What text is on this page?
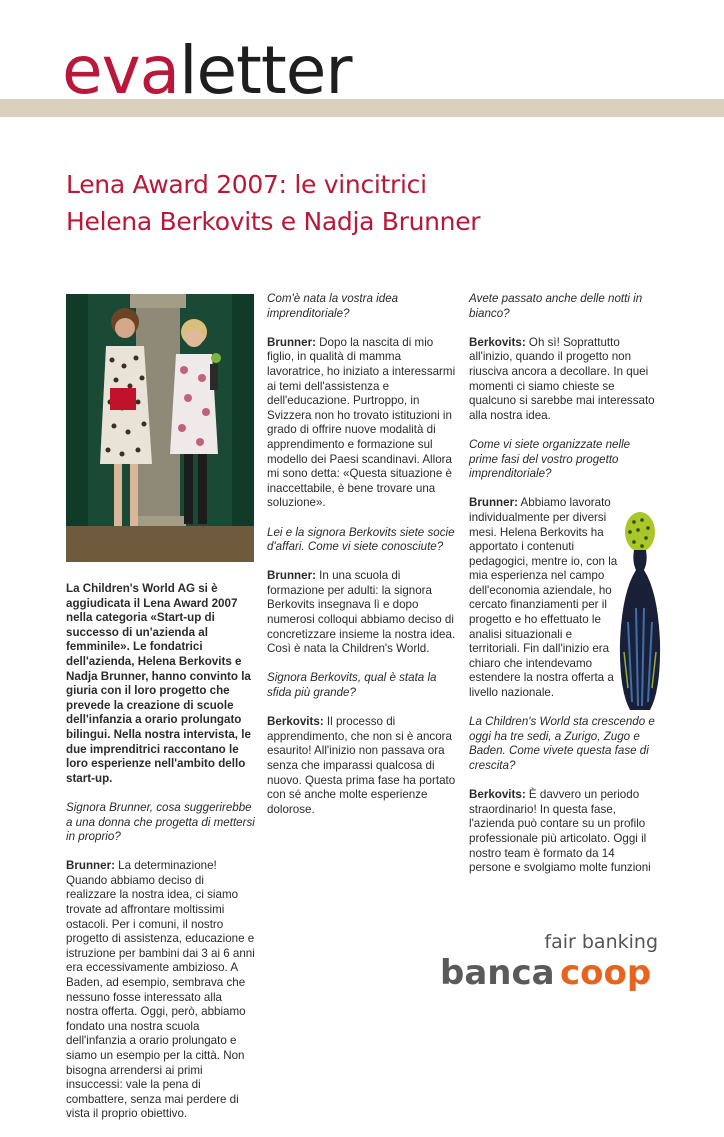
evaletter
Lena Award 2007: le vincitrici
Helena Berkovits e Nadja Brunner

La Children's World AG si è aggiudicata il Lena Award 2007 nella categoria «Start-up di successo di un'azienda al femminile». Le fondatrici dell'azienda, Helena Berkovits e Nadja Brunner, hanno convinto la giuria con il loro progetto che prevede la creazione di scuole dell'infanzia a orario prolungato bilingui. Nella nostra intervista, le due imprenditrici raccontano le loro esperienze nell'ambito dello start-up.

Signora Brunner, cosa suggerirebbe a una donna che progetta di mettersi in proprio?

Brunner: La determinazione! Quando abbiamo deciso di realizzare la nostra idea, ci siamo trovate ad affrontare moltissimi ostacoli. Per i comuni, il nostro progetto di assistenza, educazione e istruzione per bambini dai 3 ai 6 anni era eccessivamente ambizioso. A Baden, ad esempio, sembrava che nessuno fosse interessato alla nostra offerta. Oggi, però, abbiamo fondato una nostra scuola dell'infanzia a orario prolungato e siamo un esempio per la città. Non bisogna arrendersi ai primi insuccessi: vale la pena di combattere, senza mai perdere di vista il proprio obiettivo.

Com'è nata la vostra idea imprenditoriale?

Brunner: Dopo la nascita di mio figlio, in qualità di mamma lavoratrice, ho iniziato a interessarmi ai temi dell'assistenza e dell'educazione. Purtroppo, in Svizzera non ho trovato istituzioni in grado di offrire nuove modalità di apprendimento e formazione sul modello dei Paesi scandinavi. Allora mi sono detta: «Questa situazione è inaccettabile, è bene trovare una soluzione».

Lei e la signora Berkovits siete socie d'affari. Come vi siete conosciute?

Brunner: In una scuola di formazione per adulti: la signora Berkovits insegnava lì e dopo numerosi colloqui abbiamo deciso di concretizzare insieme la nostra idea. Così è nata la Children's World.

Signora Berkovits, qual è stata la sfida più grande?

Berkovits: Il processo di apprendimento, che non si è ancora esaurito! All'inizio non passava ora senza che imparassi qualcosa di nuovo. Questa prima fase ha portato con sé anche molte esperienze dolorose.

Avete passato anche delle notti in bianco?

Berkovits: Oh sì! Soprattutto all'inizio, quando il progetto non riusciva ancora a decollare. In quei momenti ci siamo chieste se qualcuno si sarebbe mai interessato alla nostra idea.

Come vi siete organizzate nelle prime fasi del vostro progetto imprenditoriale?

Brunner: Abbiamo lavorato individualmente per diversi mesi. Helena Berkovits ha apportato i contenuti pedagogici, mentre io, con la mia esperienza nel campo dell'economia aziendale, ho cercato finanziamenti per il progetto e ho effettuato le analisi situazionali e territoriali. Fin dall'inizio era chiaro che intendevamo estendere la nostra offerta a livello nazionale.

La Children's World sta crescendo e oggi ha tre sedi, a Zurigo, Zugo e Baden. Come vivete questa fase di crescita?

Berkovits: È davvero un periodo straordinario! In questa fase, l'azienda può contare su un profilo professionale più articolato. Oggi il nostro team è formato da 14 persone e svolgiamo molte funzioni

fair banking
banca coop
